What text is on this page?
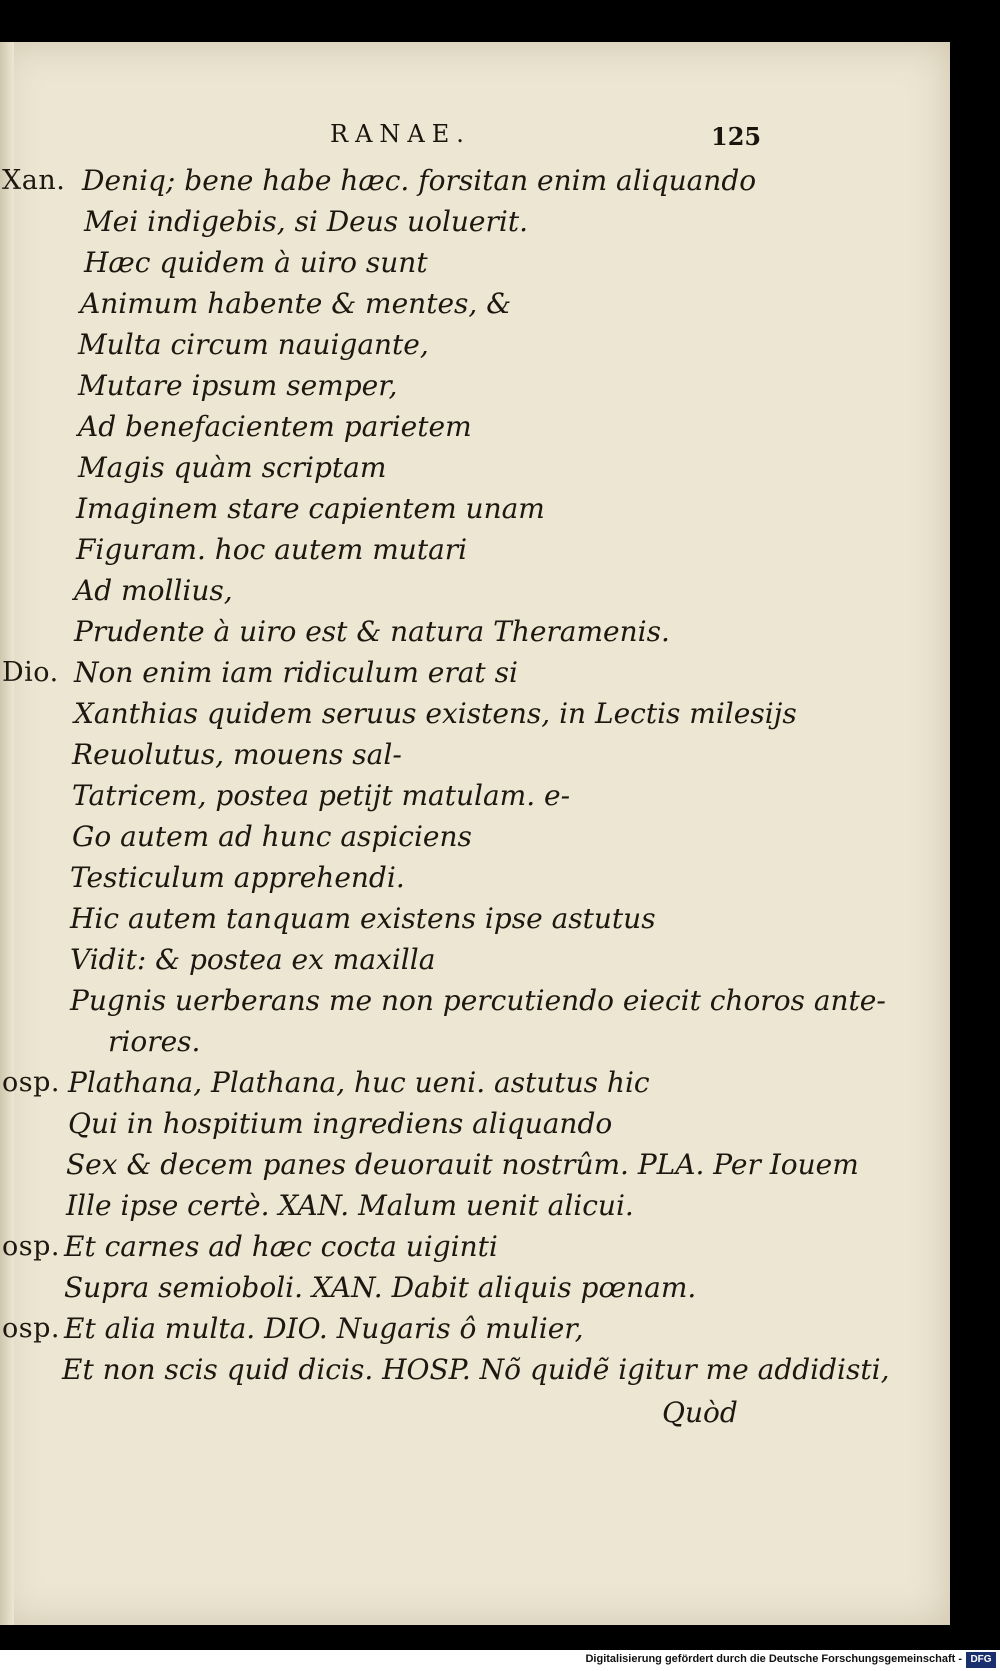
RANAE.	125
Xan. Deniq; bene habe hæc. forsitan enim aliquando
Mei indigebis, si Deus uoluerit.
Hæc quidem à uiro sunt
Animum habente & mentes, &
Multa circum nauigante,
Mutare ipsum semper,
Ad benefacientem parietem
Magis quàm scriptam
Imaginem stare capientem unam
Figuram. hoc autem mutari
Ad mollius,
Prudente à uiro est & natura Theramenis.
Dio. Non enim iam ridiculum erat si
Xanthias quidem seruus existens, in Lectis milesijs
Reuolutus, mouens sal-
Tatricem, postea petijt matulam. e-
Go autem ad hunc aspiciens
Testiculum apprehendi.
Hic autem tanquam existens ipse astutus
Vidit: & postea ex maxilla
Pugnis uerberans me non percutiendo eiecit choros ante-
riores.
osp. Plathana, Plathana, huc ueni. astutus hic
Qui in hospitium ingrediens aliquando
Sex & decem panes deuorauit nostrûm. PLA. Per Iouem
Ille ipse certè. XAN. Malum uenit alicui.
osp. Et carnes ad hæc cocta uiginti
Supra semioboli. XAN. Dabit aliquis pœnam.
osp. Et alia multa. DIO. Nugaris ô mulier,
Et non scis quid dicis. HOSP. Nõ quidẽ igitur me addidisti,
Quòd
Digitalisierung gefördert durch die Deutsche Forschungsgemeinschaft - DFG
